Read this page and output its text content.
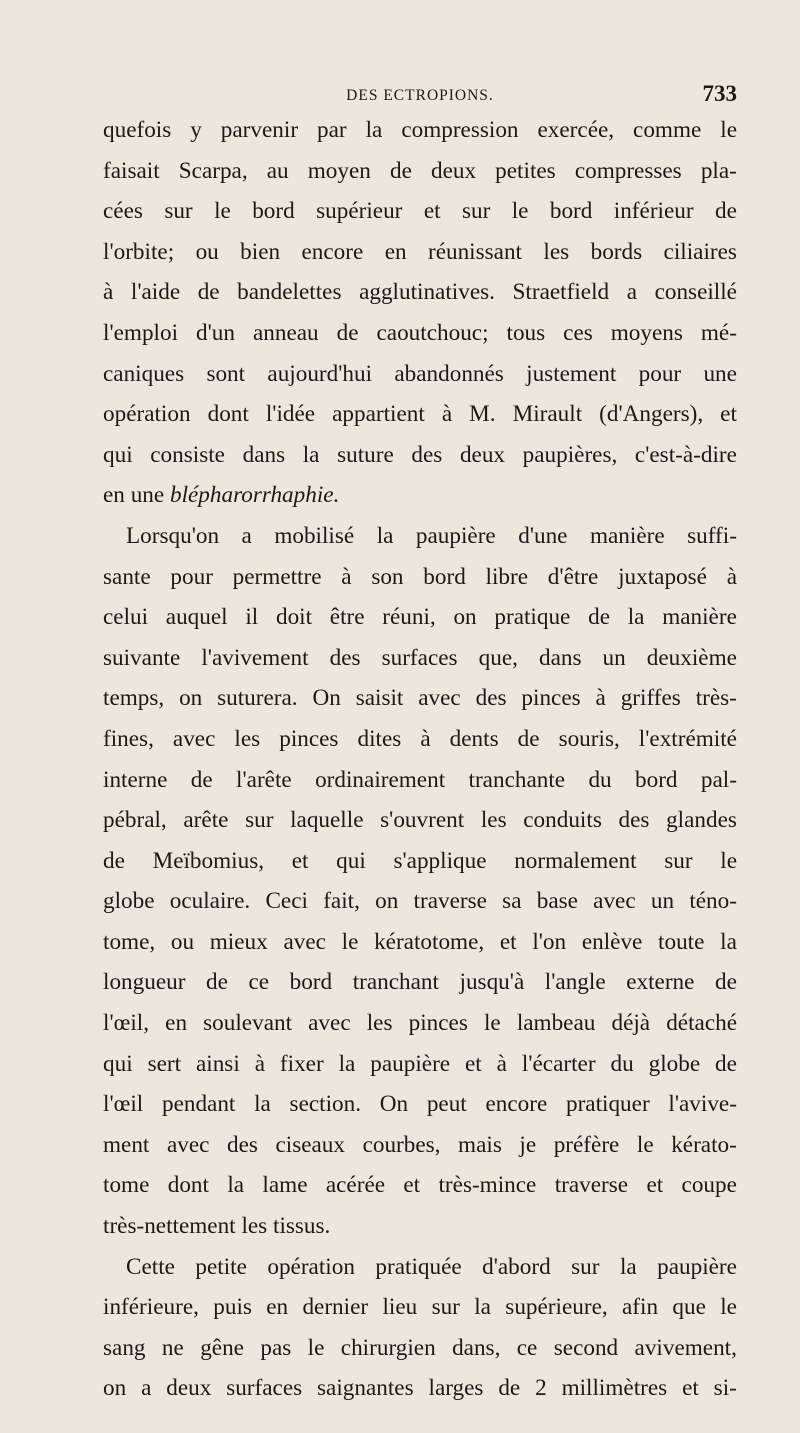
DES ECTROPIONS.	733
quefois y parvenir par la compression exercée, comme le
faisait Scarpa, au moyen de deux petites compresses pla-
cées sur le bord supérieur et sur le bord inférieur de
l'orbite; ou bien encore en réunissant les bords ciliaires
à l'aide de bandelettes agglutinatives. Straetfield a conseillé
l'emploi d'un anneau de caoutchouc; tous ces moyens mé-
caniques sont aujourd'hui abandonnés justement pour une
opération dont l'idée appartient à M. Mirault (d'Angers), et
qui consiste dans la suture des deux paupières, c'est-à-dire
en une blépharorrhaphie.
Lorsqu'on a mobilisé la paupière d'une manière suffi-
sante pour permettre à son bord libre d'être juxtaposé à
celui auquel il doit être réuni, on pratique de la manière
suivante l'avivement des surfaces que, dans un deuxième
temps, on suturera. On saisit avec des pinces à griffes très-
fines, avec les pinces dites à dents de souris, l'extrémité
interne de l'arête ordinairement tranchante du bord pal-
pébral, arête sur laquelle s'ouvrent les conduits des glandes
de Meïbomius, et qui s'applique normalement sur le
globe oculaire. Ceci fait, on traverse sa base avec un téno-
tome, ou mieux avec le kératotome, et l'on enlève toute la
longueur de ce bord tranchant jusqu'à l'angle externe de
l'œil, en soulevant avec les pinces le lambeau déjà détaché
qui sert ainsi à fixer la paupière et à l'écarter du globe de
l'œil pendant la section. On peut encore pratiquer l'avive-
ment avec des ciseaux courbes, mais je préfère le kérato-
tome dont la lame acérée et très-mince traverse et coupe
très-nettement les tissus.
Cette petite opération pratiquée d'abord sur la paupière
inférieure, puis en dernier lieu sur la supérieure, afin que le
sang ne gêne pas le chirurgien dans, ce second avivement,
on a deux surfaces saignantes larges de 2 millimètres et si-
